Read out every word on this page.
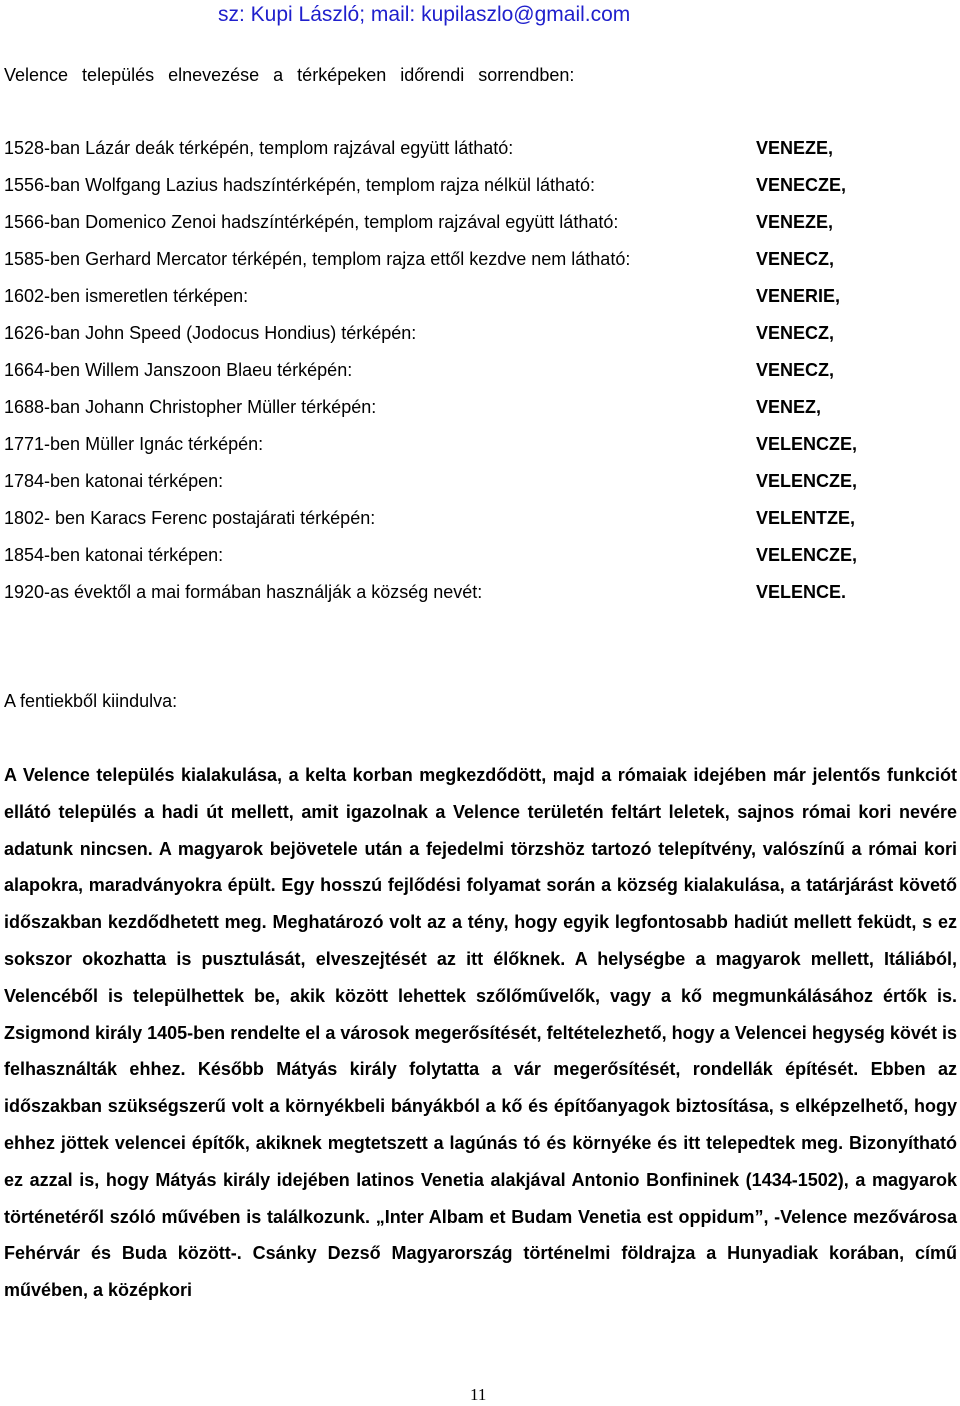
sz: Kupi László; mail: kupilaszlo@gmail.com
Velence település elnevezése a térképeken időrendi sorrendben:
1528-ban Lázár deák térképén, templom rajzával együtt látható:	VENEZE,
1556-ban Wolfgang Lazius hadszíntérképén, templom rajza nélkül látható:	VENECZE,
1566-ban Domenico Zenoi hadszíntérképén, templom rajzával együtt látható:	VENEZE,
1585-ben Gerhard Mercator térképén, templom rajza ettől kezdve nem látható:	VENECZ,
1602-ben ismeretlen térképen:	VENERIE,
1626-ban John Speed (Jodocus Hondius) térképén:	VENECZ,
1664-ben Willem Janszoon Blaeu térképén:	VENECZ,
1688-ban Johann Christopher Müller térképén:	VENEZ,
1771-ben Müller Ignác térképén:	VELENCZE,
1784-ben katonai térképen:	VELENCZE,
1802- ben Karacs Ferenc postajárati térképén:	VELENTZE,
1854-ben katonai térképen:	VELENCZE,
1920-as évektől a mai formában használják a község nevét:	VELENCE.
A fentiekből kiindulva:

A Velence település kialakulása, a kelta korban megkezdődött, majd a rómaiak idejében már jelentős funkciót ellátó település a hadi út mellett, amit igazolnak a Velence területén feltárt leletek, sajnos római kori nevére adatunk nincsen. A magyarok bejövetele után a fejedelmi törzshöz tartozó telepítvény, valószínű a római kori alapokra, maradványokra épült. Egy hosszú fejlődési folyamat során a község kialakulása, a tatárjárást követő időszakban kezdődhetett meg. Meghatározó volt az a tény, hogy egyik legfontosabb hadiút mellett feküdt, s ez sokszor okozhatta is pusztulását, elveszejtését az itt élőknek. A helységbe a magyarok mellett, Itáliából, Velencéből is települhettek be, akik között lehettek szőlőművelők, vagy a kő megmunkálásához értők is. Zsigmond király 1405-ben rendelte el a városok megerősítését, feltételezhető, hogy a Velencei hegység kövét is felhasználták ehhez. Később Mátyás király folytatta a vár megerősítését, rondellák építését. Ebben az időszakban szükségszerű volt a környékbeli bányákból a kő és építőanyagok biztosítása, s elképzelhető, hogy ehhez jöttek velencei építők, akiknek megtetszett a lagúnás tó és környéke és itt telepedtek meg. Bizonyítható ez azzal is, hogy Mátyás király idejében latinos Venetia alakjával Antonio Bonfininek (1434-1502), a magyarok történetéről szóló művében is találkozunk. „Inter Albam et Budam Venetia est oppidum”, -Velence mezővárosa Fehérvár és Buda között-. Csánky Dezső Magyarország történelmi földrajza a Hunyadiak korában, című művében, a középkori

11
